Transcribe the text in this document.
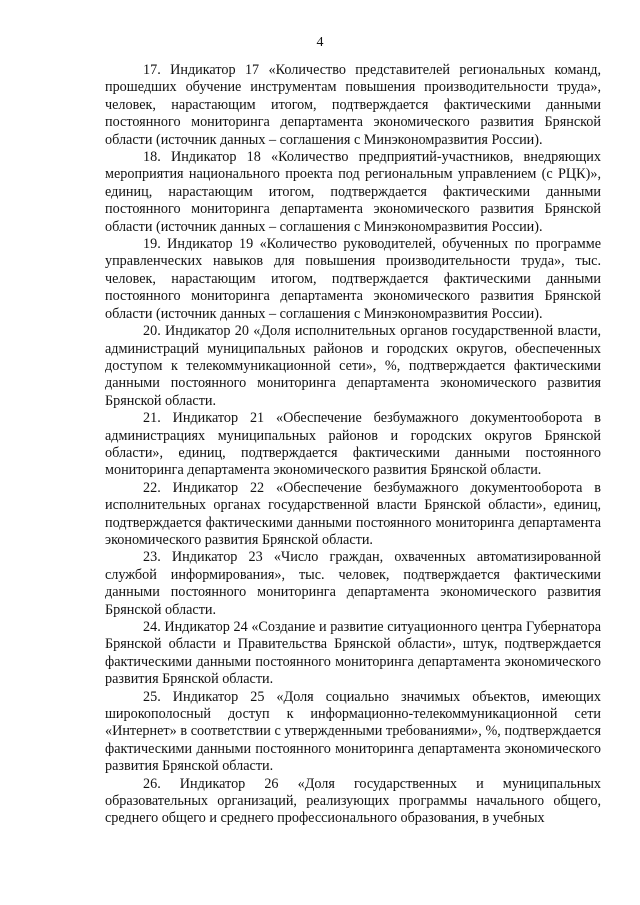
4

17. Индикатор 17 «Количество представителей региональных команд, прошедших обучение инструментам повышения производительности труда», человек, нарастающим итогом, подтверждается фактическими данными постоянного мониторинга департамента экономического развития Брянской области (источник данных – соглашения с Минэкономразвития России).

18. Индикатор 18 «Количество предприятий-участников, внедряющих мероприятия национального проекта под региональным управлением (с РЦК)», единиц, нарастающим итогом, подтверждается фактическими данными постоянного мониторинга департамента экономического развития Брянской области (источник данных – соглашения с Минэкономразвития России).

19. Индикатор 19 «Количество руководителей, обученных по программе управленческих навыков для повышения производительности труда», тыс. человек, нарастающим итогом, подтверждается фактическими данными постоянного мониторинга департамента экономического развития Брянской области (источник данных – соглашения с Минэкономразвития России).

20. Индикатор 20 «Доля исполнительных органов государственной власти, администраций муниципальных районов и городских округов, обеспеченных доступом к телекоммуникационной сети», %, подтверждается фактическими данными постоянного мониторинга департамента экономического развития Брянской области.

21. Индикатор 21 «Обеспечение безбумажного документооборота в администрациях муниципальных районов и городских округов Брянской области», единиц, подтверждается фактическими данными постоянного мониторинга департамента экономического развития Брянской области.

22. Индикатор 22 «Обеспечение безбумажного документооборота в исполнительных органах государственной власти Брянской области», единиц, подтверждается фактическими данными постоянного мониторинга департамента экономического развития Брянской области.

23. Индикатор 23 «Число граждан, охваченных автоматизированной службой информирования», тыс. человек, подтверждается фактическими данными постоянного мониторинга департамента экономического развития Брянской области.

24. Индикатор 24 «Создание и развитие ситуационного центра Губернатора Брянской области и Правительства Брянской области», штук, подтверждается фактическими данными постоянного мониторинга департамента экономического развития Брянской области.

25. Индикатор 25 «Доля социально значимых объектов, имеющих широкополосный доступ к информационно-телекоммуникационной сети «Интернет» в соответствии с утвержденными требованиями», %, подтверждается фактическими данными постоянного мониторинга департамента экономического развития Брянской области.

26. Индикатор 26 «Доля государственных и муниципальных образовательных организаций, реализующих программы начального общего, среднего общего и среднего профессионального образования, в учебных
